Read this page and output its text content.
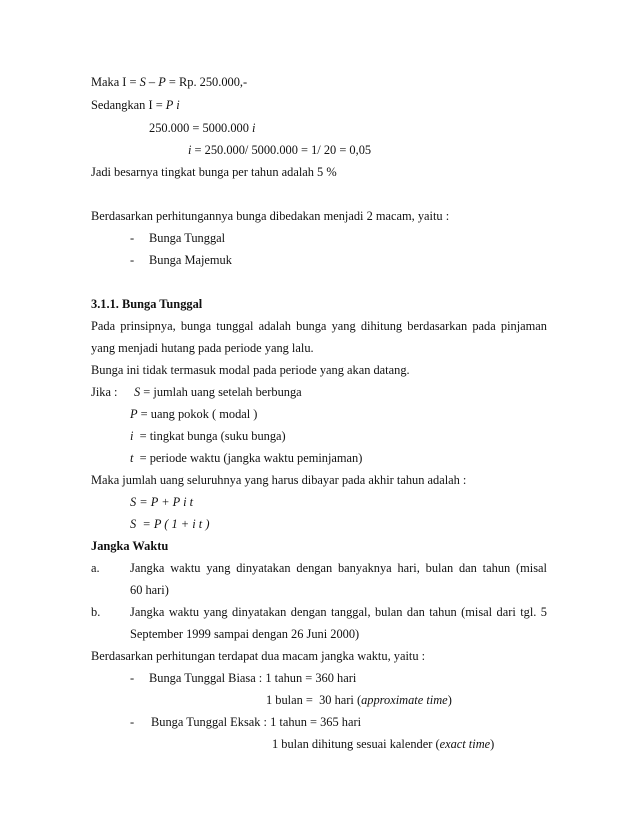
Maka I = S – P = Rp. 250.000,-
Sedangkan I = P i
250.000 = 5000.000 i
i = 250.000/ 5000.000 = 1/ 20 = 0,05
Jadi besarnya tingkat bunga per tahun adalah 5 %
Berdasarkan perhitungannya bunga dibedakan menjadi 2 macam, yaitu :
- Bunga Tunggal
- Bunga Majemuk
3.1.1. Bunga Tunggal
Pada prinsipnya, bunga tunggal adalah bunga yang dihitung berdasarkan pada pinjaman
yang menjadi hutang pada periode yang lalu.
Bunga ini tidak termasuk modal pada periode yang akan datang.
Jika : S = jumlah uang setelah berbunga
P = uang pokok ( modal )
i  = tingkat bunga (suku bunga)
t  = periode waktu (jangka waktu peminjaman)
Maka jumlah uang seluruhnya yang harus dibayar pada akhir tahun adalah :
S = P + P i t
S  = P ( 1 + i t )
Jangka Waktu
a. Jangka waktu yang dinyatakan dengan banyaknya hari, bulan dan tahun (misal
60 hari)
b. Jangka waktu yang dinyatakan dengan tanggal, bulan dan tahun (misal dari tgl. 5
September 1999 sampai dengan 26 Juni 2000)
Berdasarkan perhitungan terdapat dua macam jangka waktu, yaitu :
- Bunga Tunggal Biasa : 1 tahun = 360 hari
1 bulan =  30 hari (approximate time)
- Bunga Tunggal Eksak : 1 tahun = 365 hari
1 bulan dihitung sesuai kalender (exact time)
